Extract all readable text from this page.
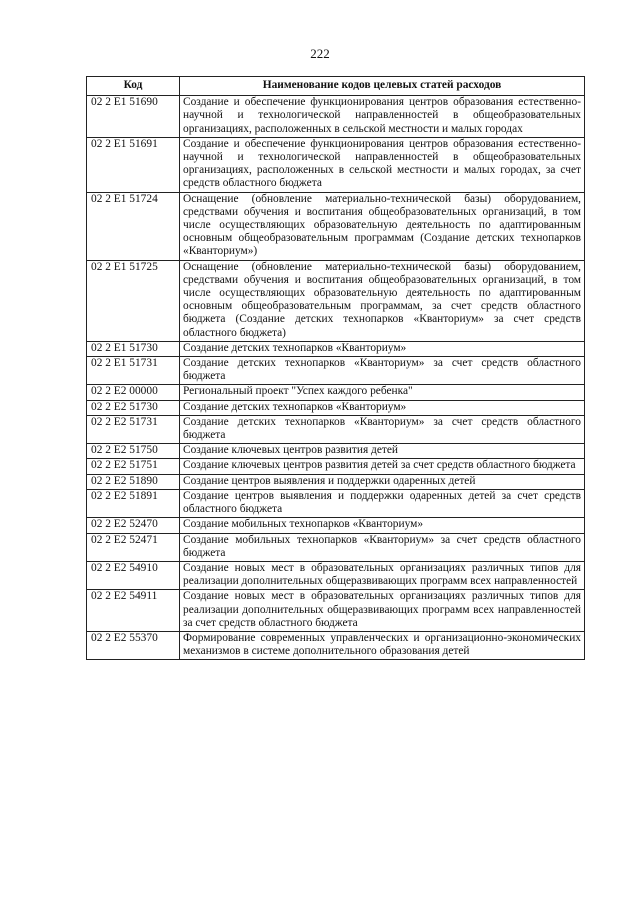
222
Код	Наименование кодов целевых статей расходов
02 2 E1 51690	Создание и обеспечение функционирования центров образования естественно-научной и технологической направленностей в общеобразовательных организациях, расположенных в сельской местности и малых городах
02 2 E1 51691	Создание и обеспечение функционирования центров образования естественно-научной и технологической направленностей в общеобразовательных организациях, расположенных в сельской местности и малых городах, за счет средств областного бюджета
02 2 E1 51724	Оснащение (обновление материально-технической базы) оборудованием, средствами обучения и воспитания общеобразовательных организаций, в том числе осуществляющих образовательную деятельность по адаптированным основным общеобразовательным программам (Создание детских технопарков «Кванториум»)
02 2 E1 51725	Оснащение (обновление материально-технической базы) оборудованием, средствами обучения и воспитания общеобразовательных организаций, в том числе осуществляющих образовательную деятельность по адаптированным основным общеобразовательным программам, за счет средств областного бюджета (Создание детских технопарков «Кванториум» за счет средств областного бюджета)
02 2 E1 51730	Создание детских технопарков «Кванториум»
02 2 E1 51731	Создание детских технопарков «Кванториум» за счет средств областного бюджета
02 2 E2 00000	Региональный проект "Успех каждого ребенка"
02 2 E2 51730	Создание детских технопарков «Кванториум»
02 2 E2 51731	Создание детских технопарков «Кванториум» за счет средств областного бюджета
02 2 E2 51750	Создание ключевых центров развития детей
02 2 E2 51751	Создание ключевых центров развития детей за счет средств областного бюджета
02 2 E2 51890	Создание центров выявления и поддержки одаренных детей
02 2 E2 51891	Создание центров выявления и поддержки одаренных детей за счет средств областного бюджета
02 2 E2 52470	Создание мобильных технопарков «Кванториум»
02 2 E2 52471	Создание мобильных технопарков «Кванториум» за счет средств областного бюджета
02 2 E2 54910	Создание новых мест в образовательных организациях различных типов для реализации дополнительных общеразвивающих программ всех направленностей
02 2 E2 54911	Создание новых мест в образовательных организациях различных типов для реализации дополнительных общеразвивающих программ всех направленностей за счет средств областного бюджета
02 2 E2 55370	Формирование современных управленческих и организационно-экономических механизмов в системе дополнительного образования детей
